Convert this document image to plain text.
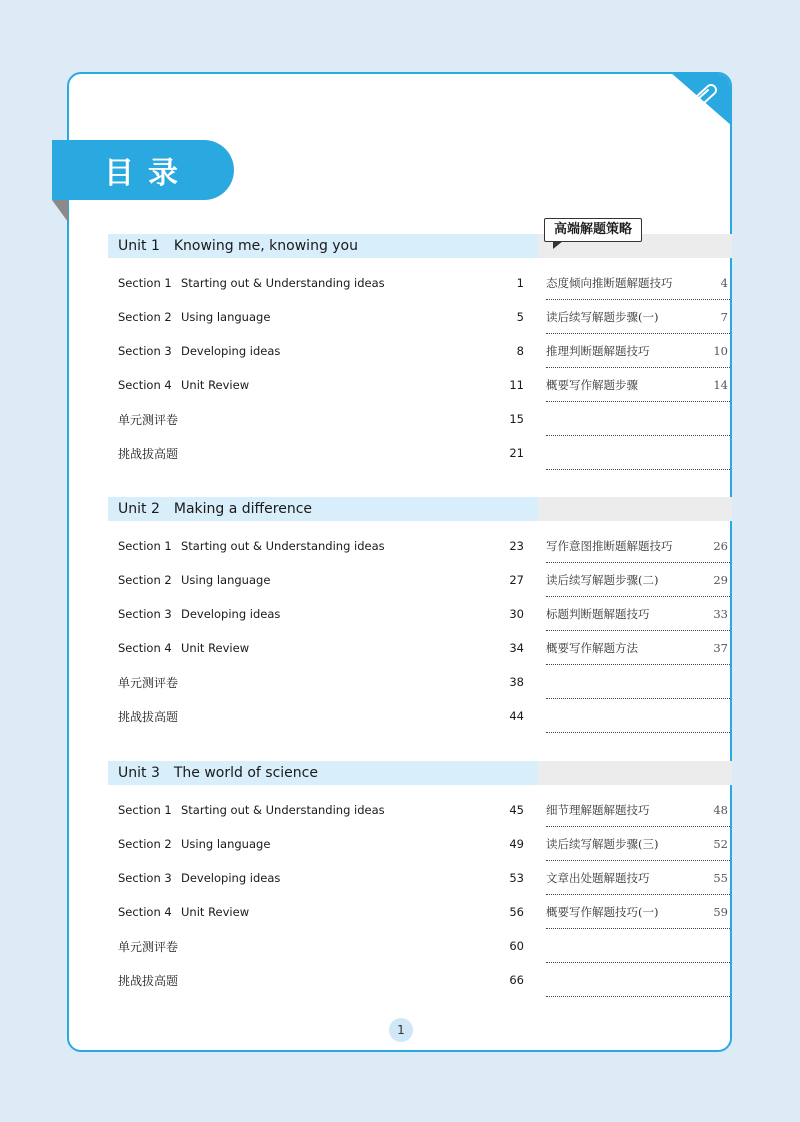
目录
高端解题策略
Unit 1 Knowing me, knowing you
Section 1 Starting out & Understanding ideas	1
Section 2 Using language	5
Section 3 Developing ideas	8
Section 4 Unit Review	11
单元测评卷	15
挑战拔高题	21
态度倾向推断题解题技巧	4
读后续写解题步骤(一)	7
推理判断题解题技巧	10
概要写作解题步骤	14
Unit 2 Making a difference
Section 1 Starting out & Understanding ideas	23
Section 2 Using language	27
Section 3 Developing ideas	30
Section 4 Unit Review	34
单元测评卷	38
挑战拔高题	44
写作意图推断题解题技巧	26
读后续写解题步骤(二)	29
标题判断题解题技巧	33
概要写作解题方法	37
Unit 3 The world of science
Section 1 Starting out & Understanding ideas	45
Section 2 Using language	49
Section 3 Developing ideas	53
Section 4 Unit Review	56
单元测评卷	60
挑战拔高题	66
细节理解题解题技巧	48
读后续写解题步骤(三)	52
文章出处题解题技巧	55
概要写作解题技巧(一)	59
1
